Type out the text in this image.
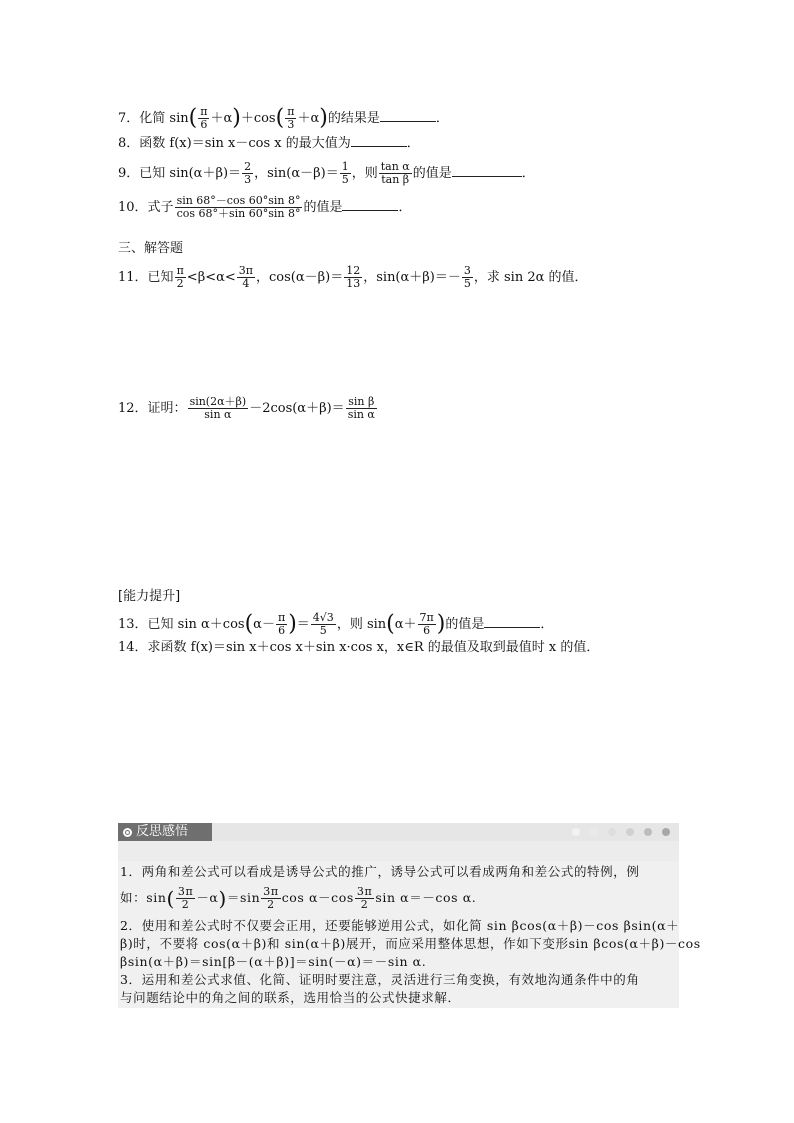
7．化简 $\sin( \frac{\pi}{6} +\alpha)+\cos( \frac{\pi}{3} +\alpha)$的结果是	．
8．函数 f(x)＝sin x－cos x 的最大值为	．
9．已知 $\sin(\alpha+\beta)= \frac{2}{3}$ ，$\sin(\alpha-\beta)= \frac{1}{5}$ ，则 $\frac{\text{tan α}}{\text{tan β}}$ 的值是	．
10．式子 $\frac{\sin 68^\circ-\cos 60^\circ\sin 8^\circ}{\cos 68^\circ+\sin 60^\circ\sin 8^\circ}$ 的值是	．
三、解答题
11．已知 $\frac{\pi}{2} <\beta<\alpha< \frac{3\pi}{4}$ ，$\cos(\alpha-\beta)= \frac{12}{13}$ ，$\sin(\alpha+\beta)=- \frac{3}{5}$ ，求 sin 2α 的值．
12．证明： $\frac{\sin(2\alpha+\beta)}{\text{sin α}} -2\cos(\alpha+\beta)= \frac{\text{sin β}}{\text{sin α}}$
[能力提升]
13．已知 $\sin \alpha+\cos(\alpha- \frac{\pi}{6}$ )＝ $\frac{4√3}{5}$ ，则 $\sin(\alpha+ \frac{7\pi}{6}$ )的值是	．
14．求函数 f(x)＝sin x＋cos x＋sin x·cos x，x∈R 的最值及取到最值时 x 的值．
反思感悟
1．两角和差公式可以看成是诱导公式的推广，诱导公式可以看成两角和差公式的特例，例
如：$\sin( \frac{3\pi}{2} -\alpha)=\sin \frac{3\pi}{2}$ $\cos \alpha-\cos \frac{3\pi}{2}$ sin α＝－cos α.
2．使用和差公式时不仅要会正用，还要能够逆用公式，如化简 sin βcos(α＋β)－cos βsin(α＋
β)时，不要将 cos(α＋β)和 sin(α＋β)展开，而应采用整体思想，作如下变形sin βcos(α＋β)－cos
βsin(α＋β)＝sin[β－(α＋β)]＝sin(－α)＝－sin α.
3．运用和差公式求值、化简、证明时要注意，灵活进行三角变换，有效地沟通条件中的角
与问题结论中的角之间的联系，选用恰当的公式快捷求解．
